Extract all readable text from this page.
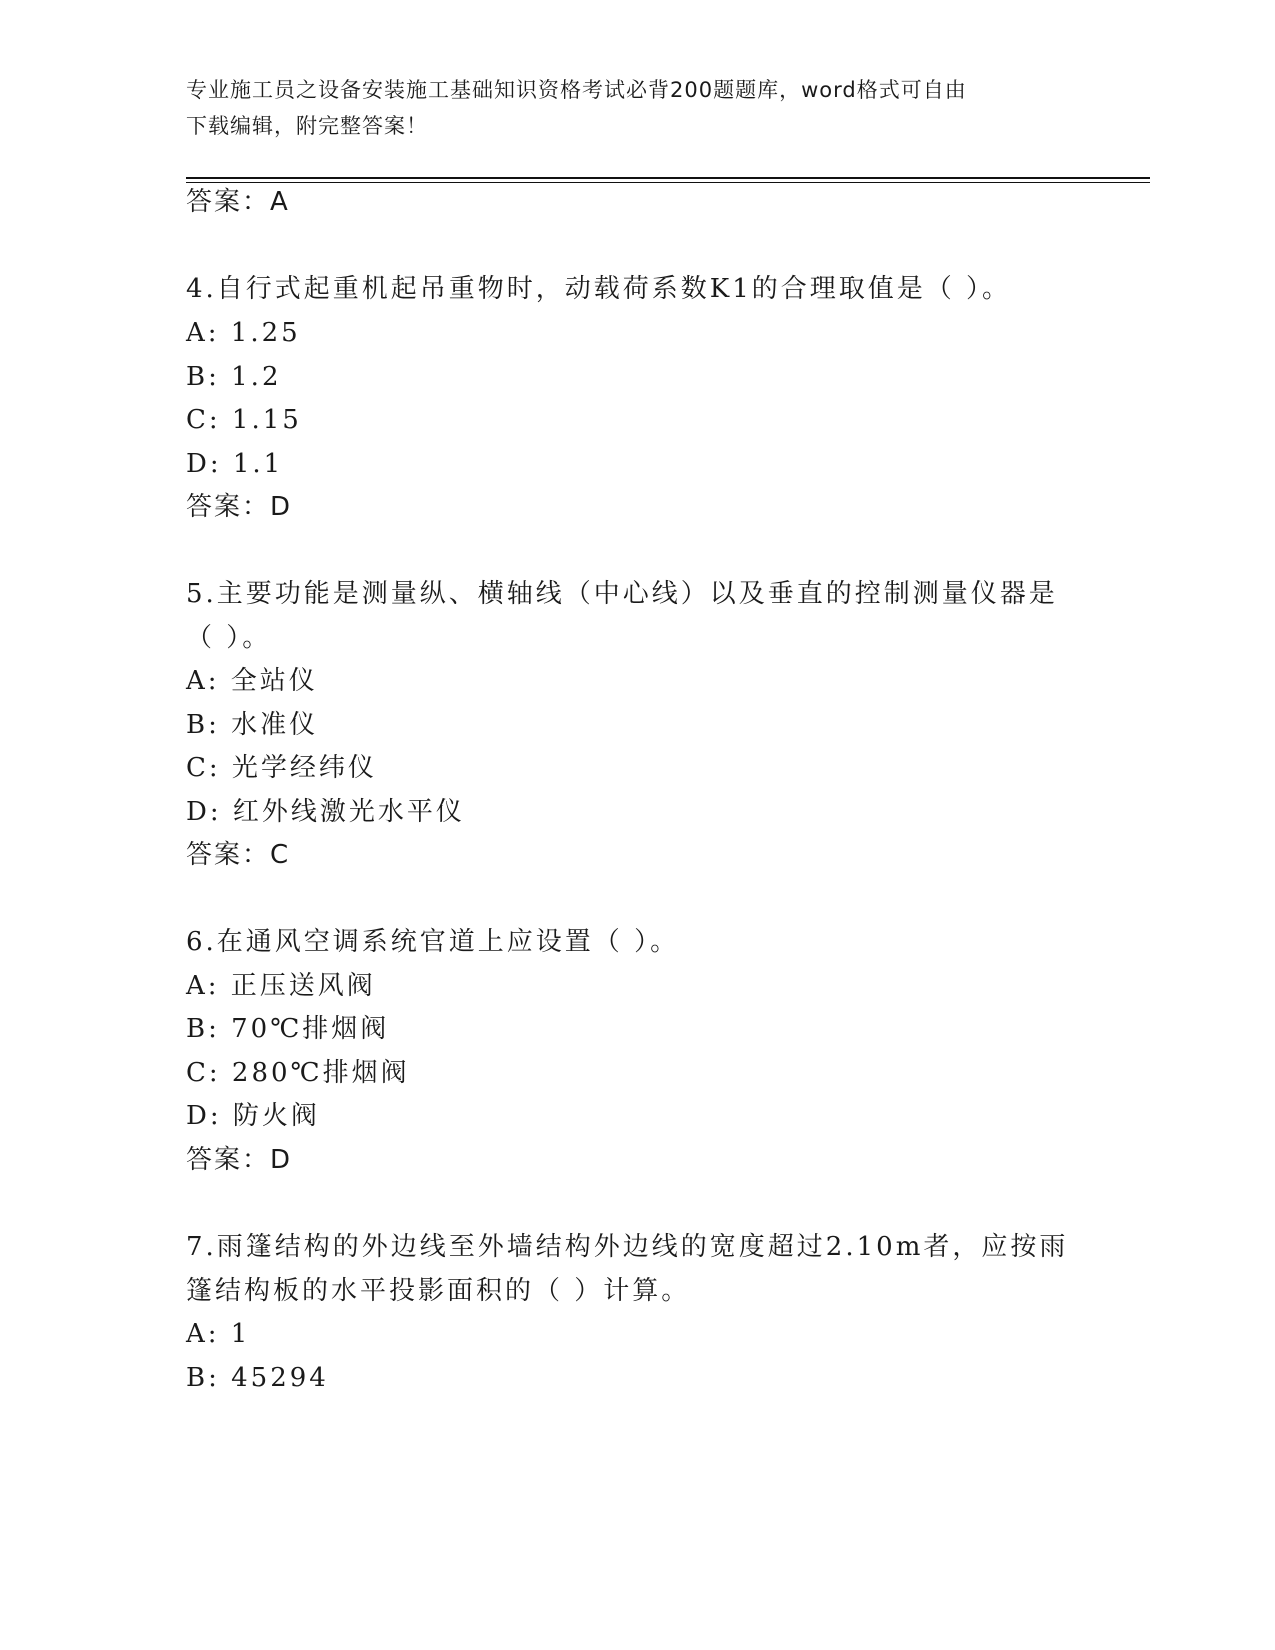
专业施工员之设备安装施工基础知识资格考试必背200题题库，word格式可自由
下载编辑，附完整答案！
答案：A
4.自行式起重机起吊重物时，动载荷系数K1的合理取值是（ ）。
A: 1.25
B: 1.2
C: 1.15
D: 1.1
答案：D
5.主要功能是测量纵、横轴线（中心线）以及垂直的控制测量仪器是
（ ）。
A: 全站仪
B: 水准仪
C: 光学经纬仪
D: 红外线激光水平仪
答案：C
6.在通风空调系统官道上应设置（ ）。
A: 正压送风阀
B: 70℃排烟阀
C: 280℃排烟阀
D: 防火阀
答案：D
7.雨篷结构的外边线至外墙结构外边线的宽度超过2.10m者，应按雨
篷结构板的水平投影面积的（ ）计算。
A: 1
B: 45294
